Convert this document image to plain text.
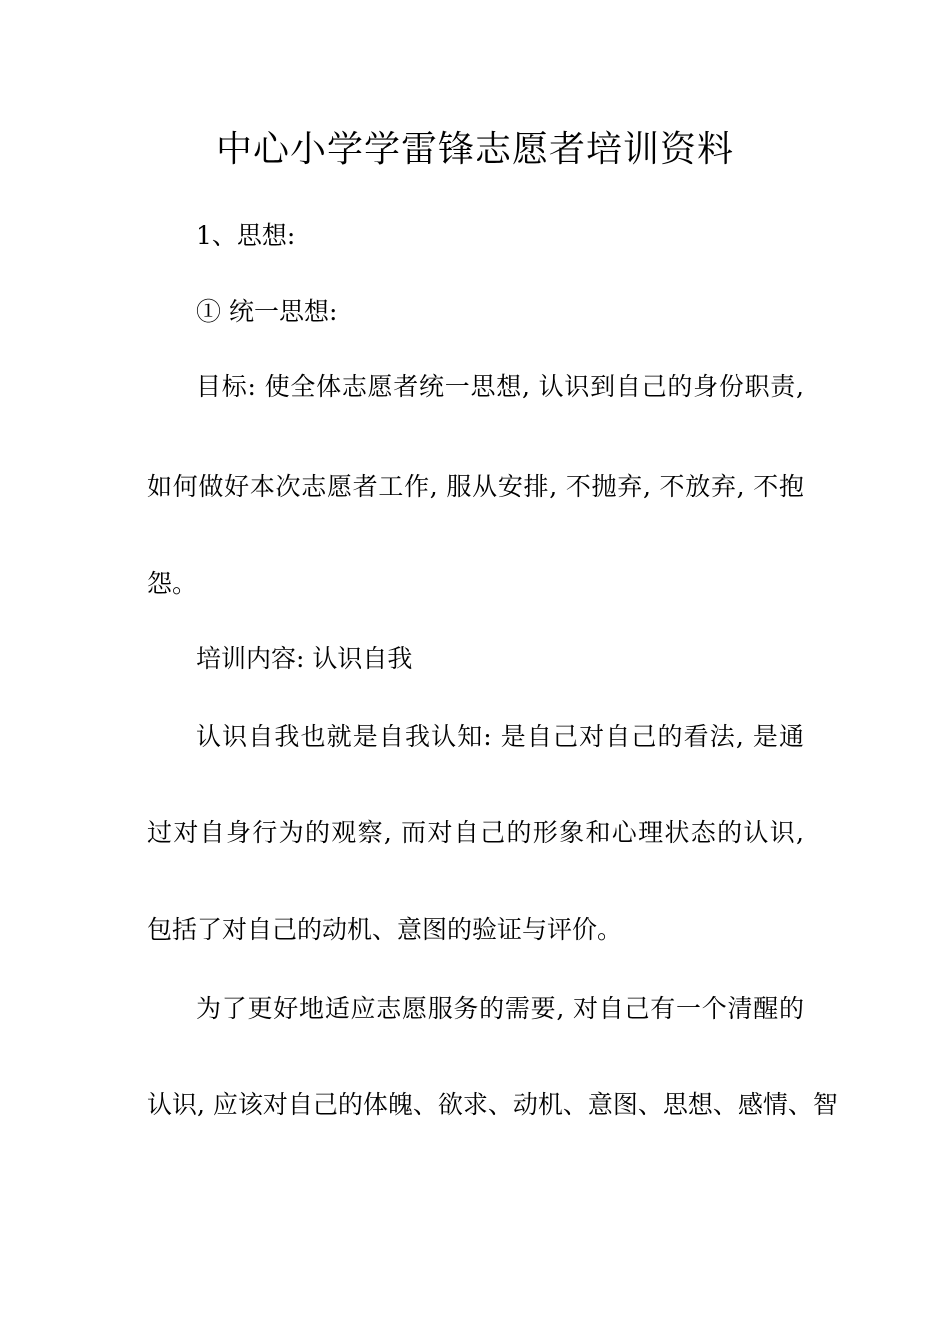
中心小学学雷锋志愿者培训资料
1、思想:
① 统一思想:
目标: 使全体志愿者统一思想, 认识到自己的身份职责,
如何做好本次志愿者工作, 服从安排, 不抛弃, 不放弃, 不抱
怨。
培训内容: 认识自我
认识自我也就是自我认知: 是自己对自己的看法, 是通
过对自身行为的观察, 而对自己的形象和心理状态的认识,
包括了对自己的动机、意图的验证与评价。
为了更好地适应志愿服务的需要, 对自己有一个清醒的
认识, 应该对自己的体魄、欲求、动机、意图、思想、感情、智
